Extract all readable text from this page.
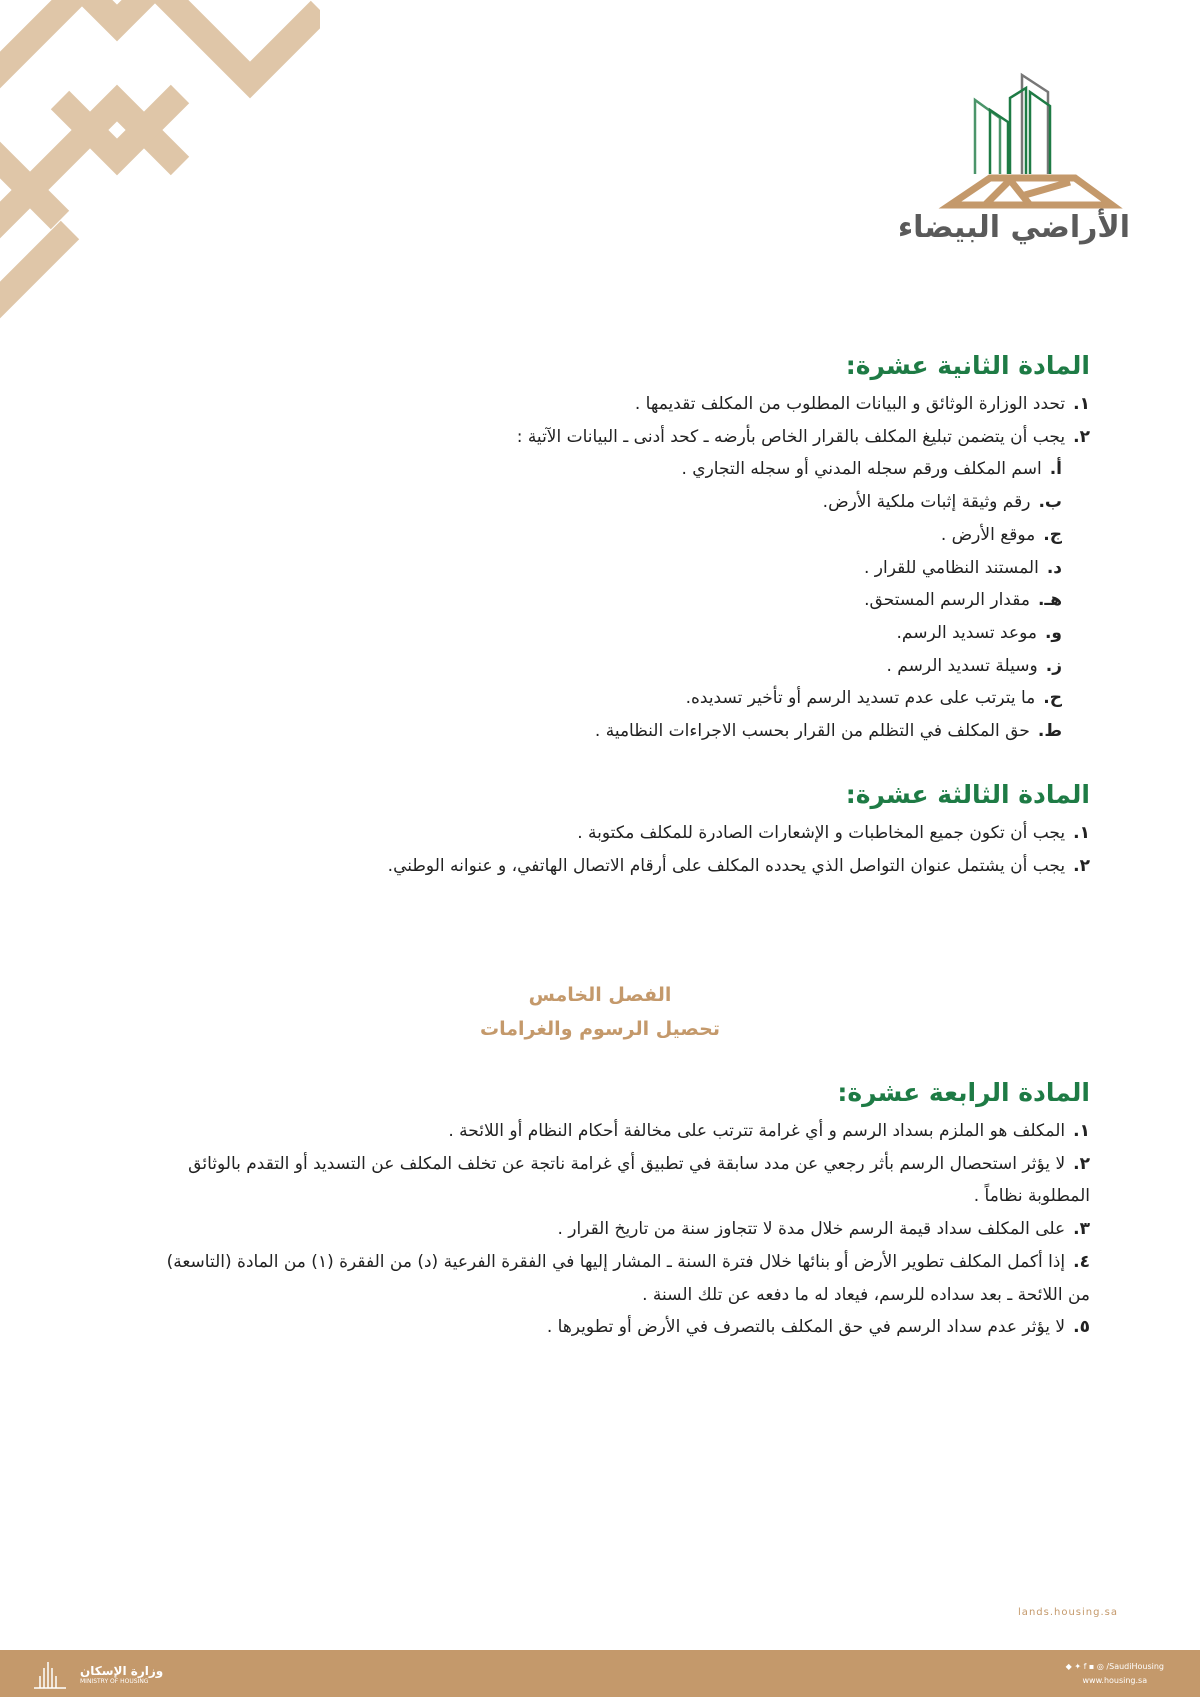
الأراضي البيضاء
المادة الثانية عشرة:

١.تحدد الوزارة الوثائق و البيانات المطلوب من المكلف تقديمها .

٢.يجب أن يتضمن تبليغ المكلف بالقرار الخاص بأرضه ـ كحد أدنى ـ البيانات الآتية :

أ.اسم المكلف ورقم سجله المدني أو سجله التجاري .

ب.رقم وثيقة إثبات ملكية الأرض.

ج.موقع الأرض .

د.المستند النظامي للقرار .

هـ.مقدار الرسم المستحق.

و.موعد تسديد الرسم.

ز.وسيلة تسديد الرسم .

ح.ما يترتب على عدم تسديد الرسم أو تأخير تسديده.

ط.حق المكلف في التظلم من القرار بحسب الاجراءات النظامية .

المادة الثالثة عشرة:

١.يجب أن تكون جميع المخاطبات و الإشعارات الصادرة للمكلف مكتوبة .

٢.يجب أن يشتمل عنوان التواصل الذي يحدده المكلف على أرقام الاتصال الهاتفي، و عنوانه الوطني.

الفصل الخامس
تحصيل الرسوم والغرامات
المادة الرابعة عشرة:

١.المكلف هو الملزم بسداد الرسم و أي غرامة تترتب على مخالفة أحكام النظام أو اللائحة .

٢.لا يؤثر استحصال الرسم بأثر رجعي عن مدد سابقة في تطبيق أي غرامة ناتجة عن تخلف المكلف عن التسديد أو التقدم بالوثائق المطلوبة نظاماً .

٣.على المكلف سداد قيمة الرسم خلال مدة لا تتجاوز سنة من تاريخ القرار .

٤.إذا أكمل المكلف تطوير الأرض أو بنائها خلال فترة السنة ـ المشار إليها في الفقرة الفرعية (د) من الفقرة (١) من المادة (التاسعة) من اللائحة ـ بعد سداده للرسم، فيعاد له ما دفعه عن تلك السنة .

٥.لا يؤثر عدم سداد الرسم في حق المكلف بالتصرف في الأرض أو تطويرها .

lands.housing.sa
وزارة الإسكان
MINISTRY OF HOUSING
◆ ✦ f ▪ ◎ /SaudiHousing
www.housing.sa
